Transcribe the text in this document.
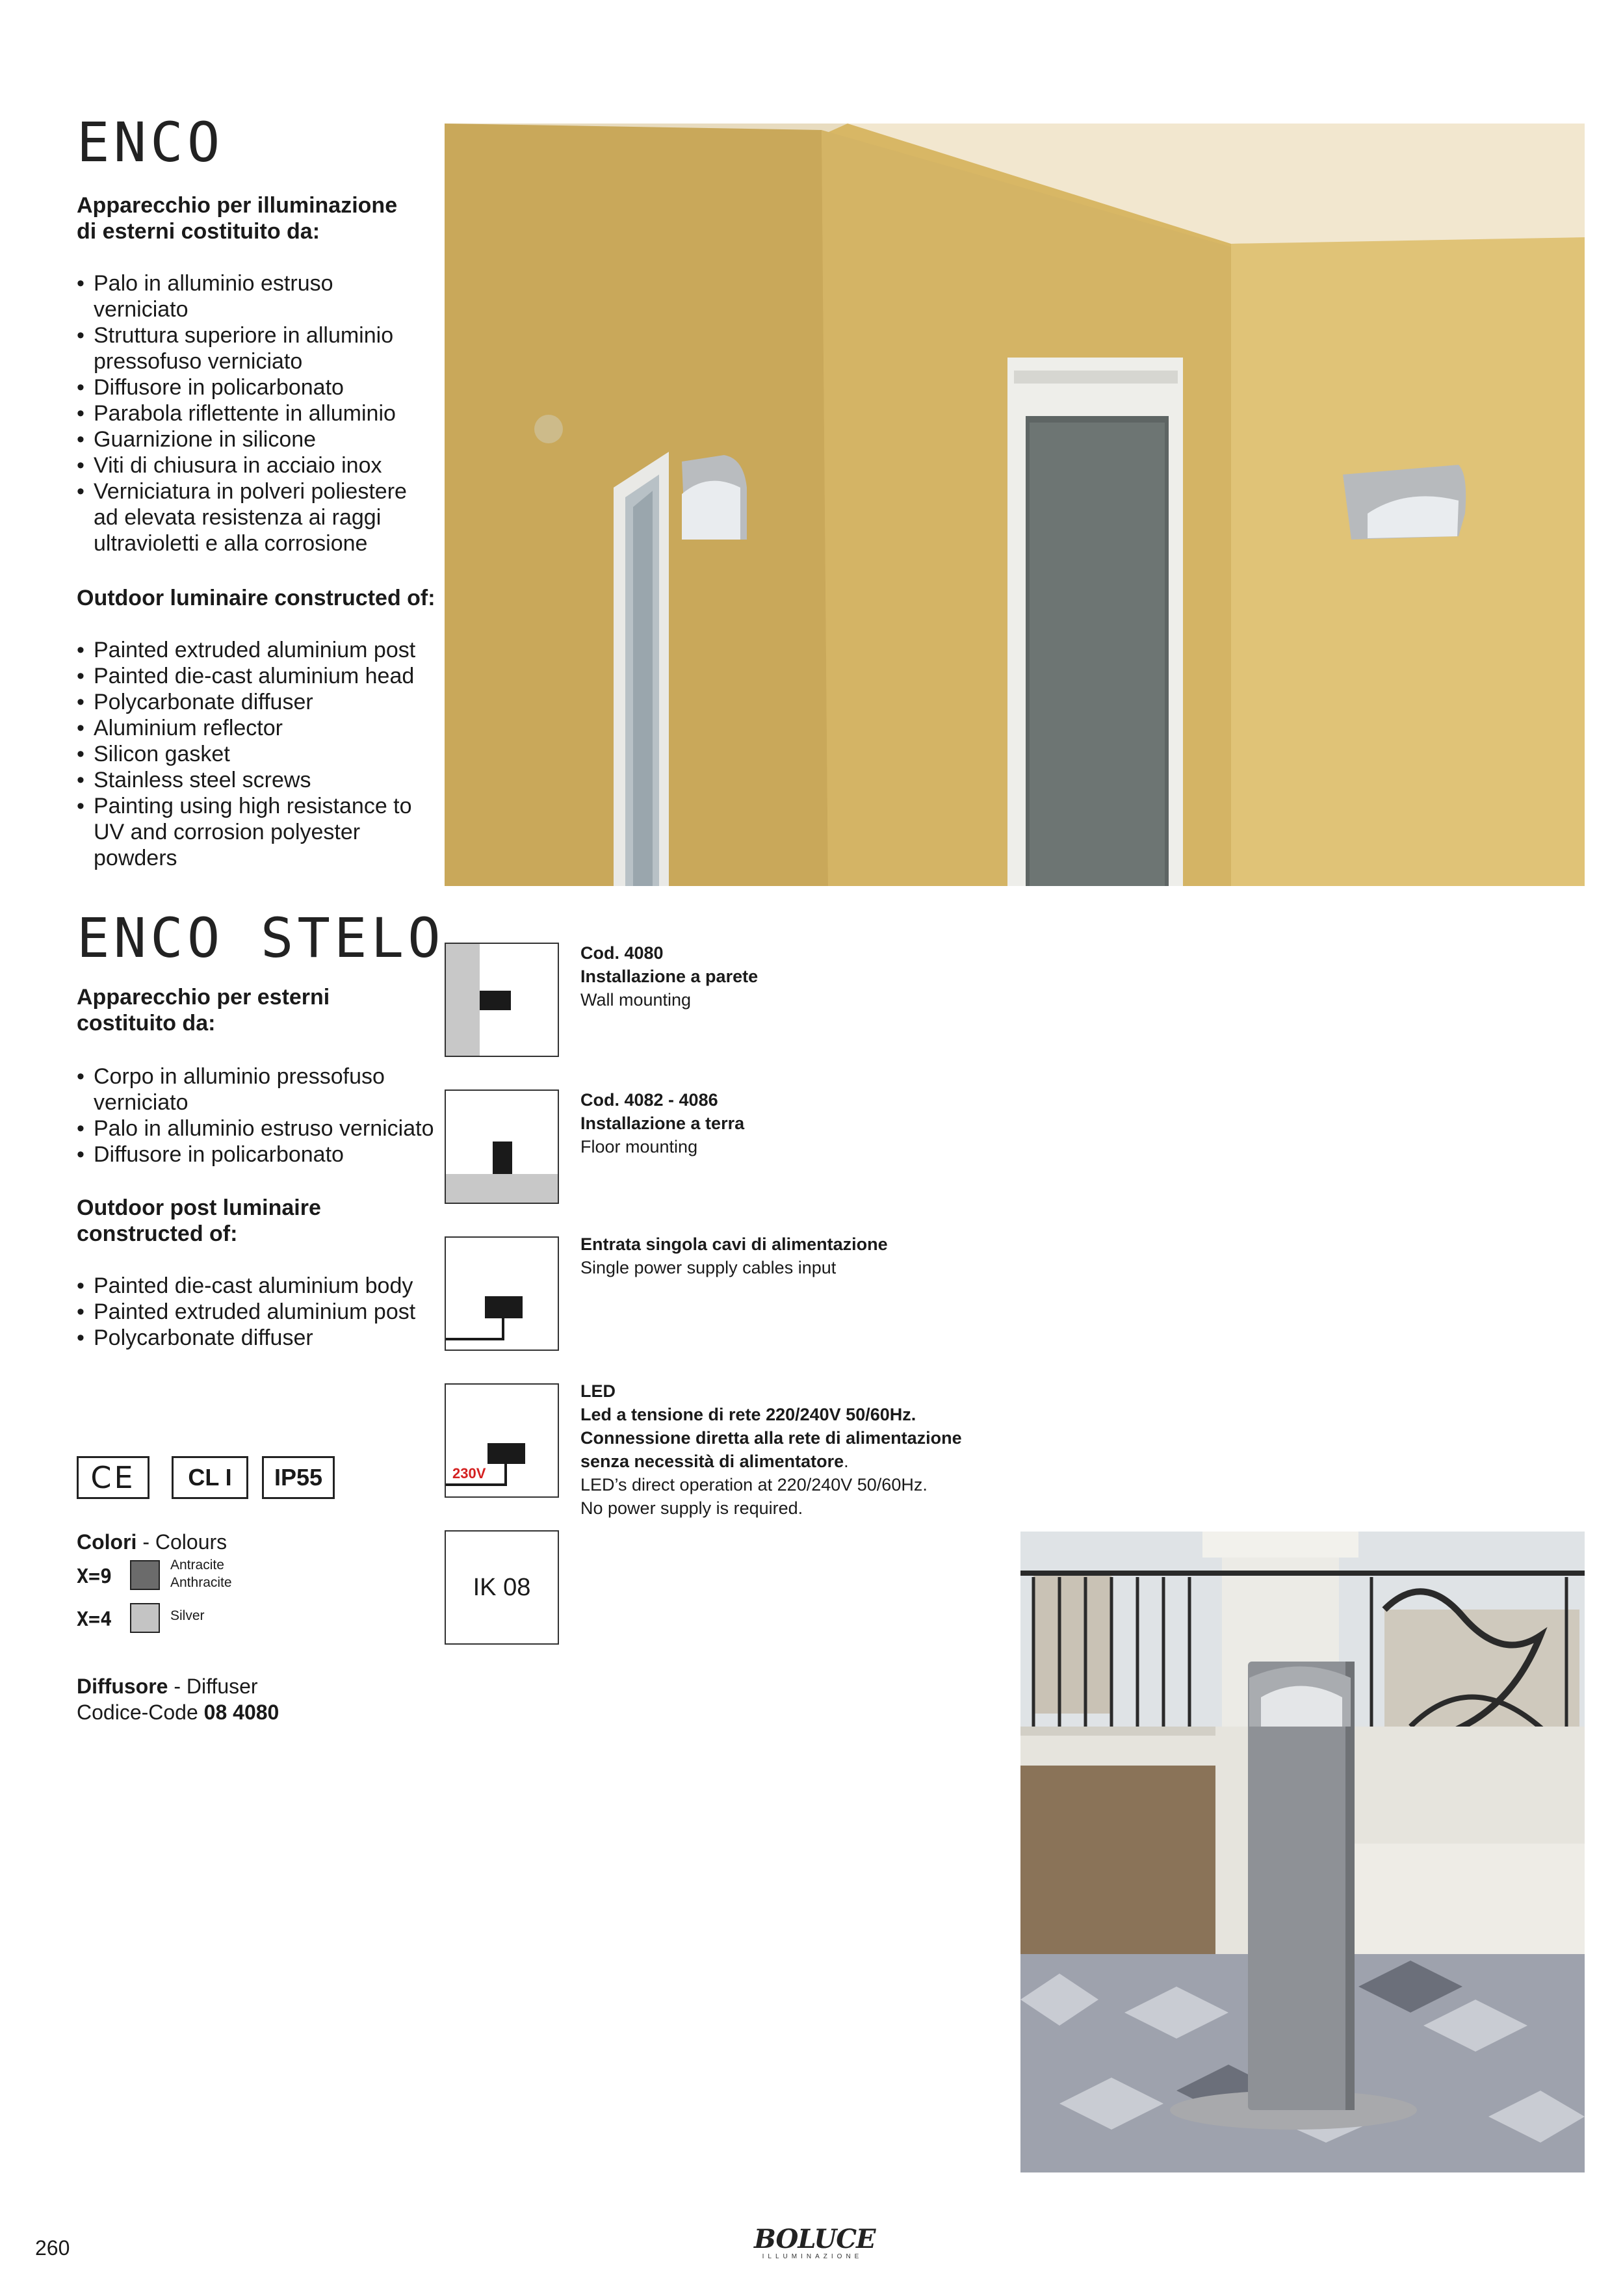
ENCO
Apparecchio per illuminazione di esterni costituito da:
• Palo in alluminio estruso verniciato
• Struttura superiore in alluminio pressofuso verniciato
• Diffusore in policarbonato
• Parabola riflettente in alluminio
• Guarnizione in silicone
• Viti di chiusura in acciaio inox
• Verniciatura in polveri poliestere ad elevata resistenza ai raggi ultravioletti e alla corrosione
Outdoor luminaire constructed of:
• Painted extruded aluminium post
• Painted die-cast aluminium head
• Polycarbonate diffuser
• Aluminium reflector
• Silicon gasket
• Stainless steel screws
• Painting using high resistance to UV and corrosion polyester powders
ENCO STELO
Apparecchio per esterni costituito da:
• Corpo in alluminio pressofuso verniciato
• Palo in alluminio estruso verniciato
• Diffusore in policarbonato
Outdoor post luminaire constructed of:
• Painted die-cast aluminium body
• Painted extruded aluminium post
• Polycarbonate diffuser
CE	CL I	IP55
Colori - Colours
X=9
Antracite
Anthracite
X=4	Silver
Diffusore - Diffuser
Codice-Code 08 4080
Cod. 4080
Installazione a parete
Wall mounting
Cod. 4082 - 4086
Installazione a terra
Floor mounting
Entrata singola cavi di alimentazione
Single power supply cables input
230V
LED
Led a tensione di rete 220/240V 50/60Hz.
Connessione diretta alla rete di alimentazione
senza necessità di alimentatore.
LED’s direct operation at 220/240V 50/60Hz.
No power supply is required.
IK 08
260	BOLUCE
ILLUMINAZIONE
